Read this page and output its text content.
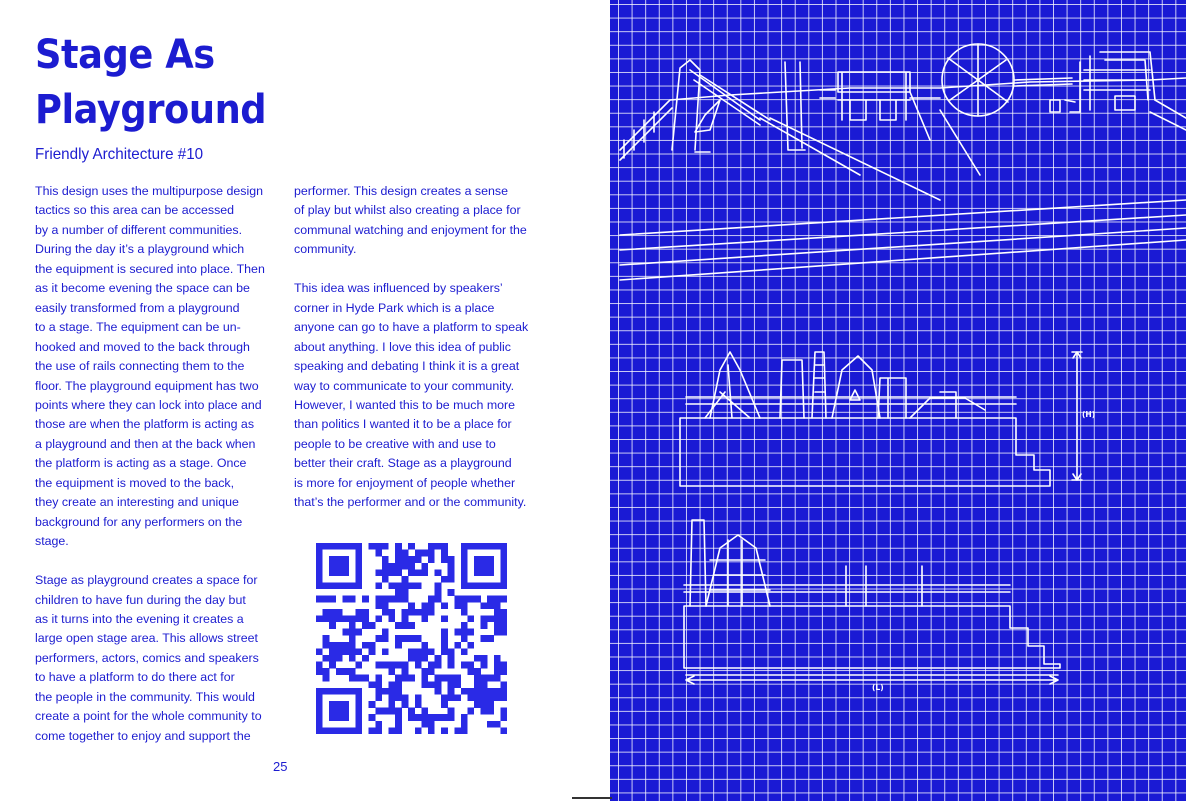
Stage As Playground

Friendly Architecture #10

This design uses the multipurpose design
tactics so this area can be accessed
by a number of different communities.
During the day it’s a playground which
the equipment is secured into place. Then
as it become evening the space can be
easily transformed from a playground
to a stage. The equipment can be un-
hooked and moved to the back through
the use of rails connecting them to the
floor. The playground equipment has two
points where they can lock into place and
those are when the platform is acting as
a playground and then at the back when
the platform is acting as a stage. Once
the equipment is moved to the back,
they create an interesting and unique
background for any performers on the
stage.

Stage as playground creates a space for
children to have fun during the day but
as it turns into the evening it creates a
large open stage area. This allows street
performers, actors, comics and speakers
to have a platform to do there act for
the people in the community. This would
create a point for the whole community to
come together to enjoy and support the

performer. This design creates a sense
of play but whilst also creating a place for
communal watching and enjoyment for the
community.

This idea was influenced by speakers’
corner in Hyde Park which is a place
anyone can go to have a platform to speak
about anything. I love this idea of public
speaking and debating I think it is a great
way to communicate to your community.
However, I wanted this to be much more
than politics I wanted it to be a place for
people to be creative with and use to
better their craft. Stage as a playground
is more for enjoyment of people whether
that’s the performer and or the community.

25
(H)
(L)
